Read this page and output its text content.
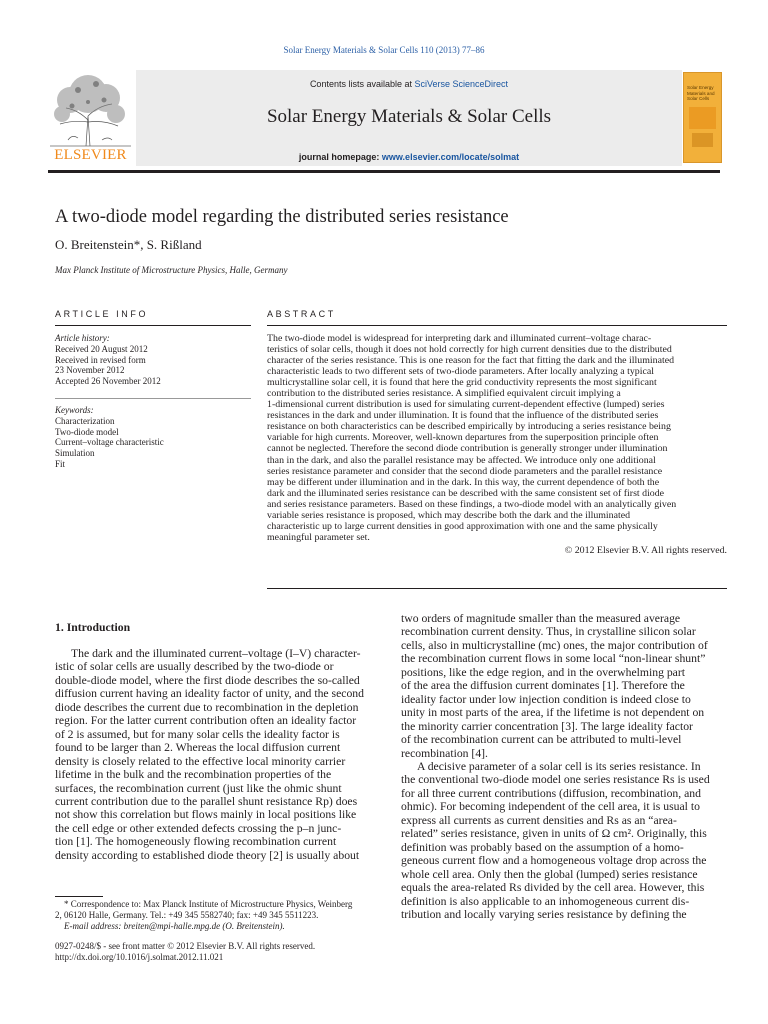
Solar Energy Materials & Solar Cells 110 (2013) 77–86
ELSEVIER
Contents lists available at SciVerse ScienceDirect
Solar Energy Materials & Solar Cells
journal homepage: www.elsevier.com/locate/solmat
Solar Energy Materials and Solar Cells
A two-diode model regarding the distributed series resistance
O. Breitenstein*, S. Rißland
Max Planck Institute of Microstructure Physics, Halle, Germany
ARTICLE INFO
Article history:
Received 20 August 2012
Received in revised form
23 November 2012
Accepted 26 November 2012
Keywords:
Characterization
Two-diode model
Current–voltage characteristic
Simulation
Fit
ABSTRACT
The two-diode model is widespread for interpreting dark and illuminated current–voltage charac-
teristics of solar cells, though it does not hold correctly for high current densities due to the distributed
character of the series resistance. This is one reason for the fact that fitting the dark and the illuminated
characteristic leads to two different sets of two-diode parameters. After locally analyzing a typical
multicrystalline solar cell, it is found that here the grid conductivity represents the most significant
contribution to the distributed series resistance. A simplified equivalent circuit implying a
1-dimensional current distribution is used for simulating current-dependent effective (lumped) series
resistances in the dark and under illumination. It is found that the influence of the distributed series
resistance on both characteristics can be described empirically by introducing a series resistance being
variable for high currents. Moreover, well-known departures from the superposition principle often
cannot be neglected. Therefore the second diode contribution is generally stronger under illumination
than in the dark, and also the parallel resistance may be affected. We introduce only one additional
series resistance parameter and consider that the second diode parameters and the parallel resistance
may be different under illumination and in the dark. In this way, the current dependence of both the
dark and the illuminated series resistance can be described with the same consistent set of first diode
and series resistance parameters. Based on these findings, a two-diode model with an analytically given
variable series resistance is proposed, which may describe both the dark and the illuminated
characteristic up to large current densities in good approximation with one and the same physically
meaningful parameter set.
© 2012 Elsevier B.V. All rights reserved.
1. Introduction
The dark and the illuminated current–voltage (I–V) character-
istic of solar cells are usually described by the two-diode or
double-diode model, where the first diode describes the so-called
diffusion current having an ideality factor of unity, and the second
diode describes the current due to recombination in the depletion
region. For the latter current contribution often an ideality factor
of 2 is assumed, but for many solar cells the ideality factor is
found to be larger than 2. Whereas the local diffusion current
density is closely related to the effective local minority carrier
lifetime in the bulk and the recombination properties of the
surfaces, the recombination current (just like the ohmic shunt
current contribution due to the parallel shunt resistance Rp) does
not show this correlation but flows mainly in local positions like
the cell edge or other extended defects crossing the p–n junc-
tion [1]. The homogeneously flowing recombination current
density according to established diode theory [2] is usually about
* Correspondence to: Max Planck Institute of Microstructure Physics, Weinberg
2, 06120 Halle, Germany. Tel.: +49 345 5582740; fax: +49 345 5511223.
E-mail address: breiten@mpi-halle.mpg.de (O. Breitenstein).
0927-0248/$ - see front matter © 2012 Elsevier B.V. All rights reserved.
http://dx.doi.org/10.1016/j.solmat.2012.11.021
two orders of magnitude smaller than the measured average
recombination current density. Thus, in crystalline silicon solar
cells, also in multicrystalline (mc) ones, the major contribution of
the recombination current flows in some local “non-linear shunt”
positions, like the edge region, and in the overwhelming part
of the area the diffusion current dominates [1]. Therefore the
ideality factor under low injection condition is indeed close to
unity in most parts of the area, if the lifetime is not dependent on
the minority carrier concentration [3]. The large ideality factor
of the recombination current can be attributed to multi-level
recombination [4].
A decisive parameter of a solar cell is its series resistance. In
the conventional two-diode model one series resistance Rs is used
for all three current contributions (diffusion, recombination, and
ohmic). For becoming independent of the cell area, it is usual to
express all currents as current densities and Rs as an “area-
related” series resistance, given in units of Ω cm². Originally, this
definition was probably based on the assumption of a homo-
geneous current flow and a homogeneous voltage drop across the
whole cell area. Only then the global (lumped) series resistance
equals the area-related Rs divided by the cell area. However, this
definition is also applicable to an inhomogeneous current dis-
tribution and locally varying series resistance by defining the
